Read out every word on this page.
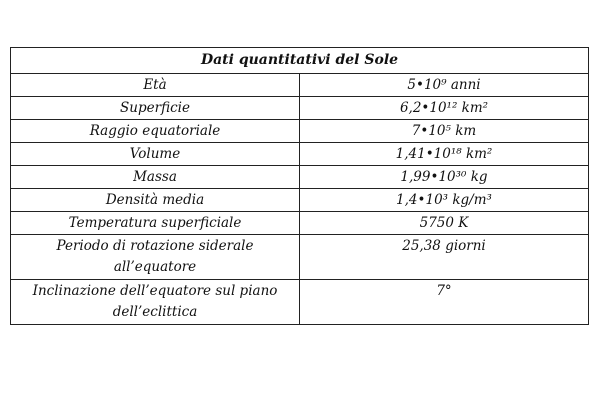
Dati quantitativi del Sole	
Età	5•10⁹ anni
Superficie	6,2•10¹² km²
Raggio equatoriale	7•10⁵ km
Volume	1,41•10¹⁸ km²
Massa	1,99•10³⁰ kg
Densità media	1,4•10³ kg/m³
Temperatura superficiale	5750 K

Periodo di rotazione siderale
all’equatore	25,38 giorni

Inclinazione dell’equatore sul piano
dell’eclittica	7°
